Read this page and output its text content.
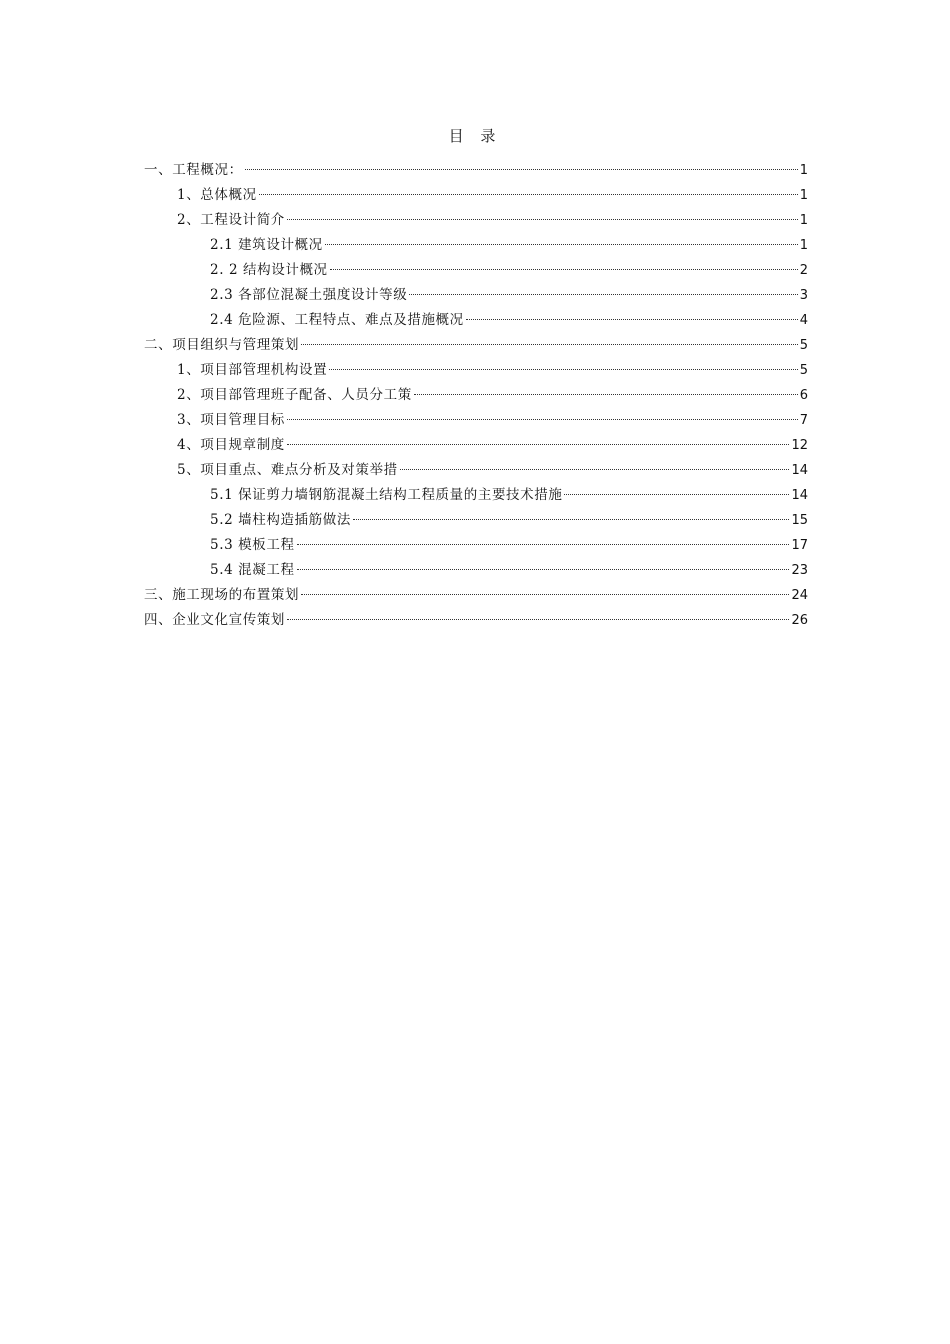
目 录
一、工程概况：	1
1、总体概况	1
2、工程设计简介	1
2.1 建筑设计概况	1
2. 2 结构设计概况	2
2.3 各部位混凝土强度设计等级	3
2.4 危险源、工程特点、难点及措施概况	4
二、项目组织与管理策划	5
1、项目部管理机构设置	5
2、项目部管理班子配备、人员分工策	6
3、项目管理目标	7
4、项目规章制度	12
5、项目重点、难点分析及对策举措	14
5.1 保证剪力墙钢筋混凝土结构工程质量的主要技术措施	14
5.2 墙柱构造插筋做法	15
5.3 模板工程	17
5.4 混凝工程	23
三、施工现场的布置策划	24
四、企业文化宣传策划	26
